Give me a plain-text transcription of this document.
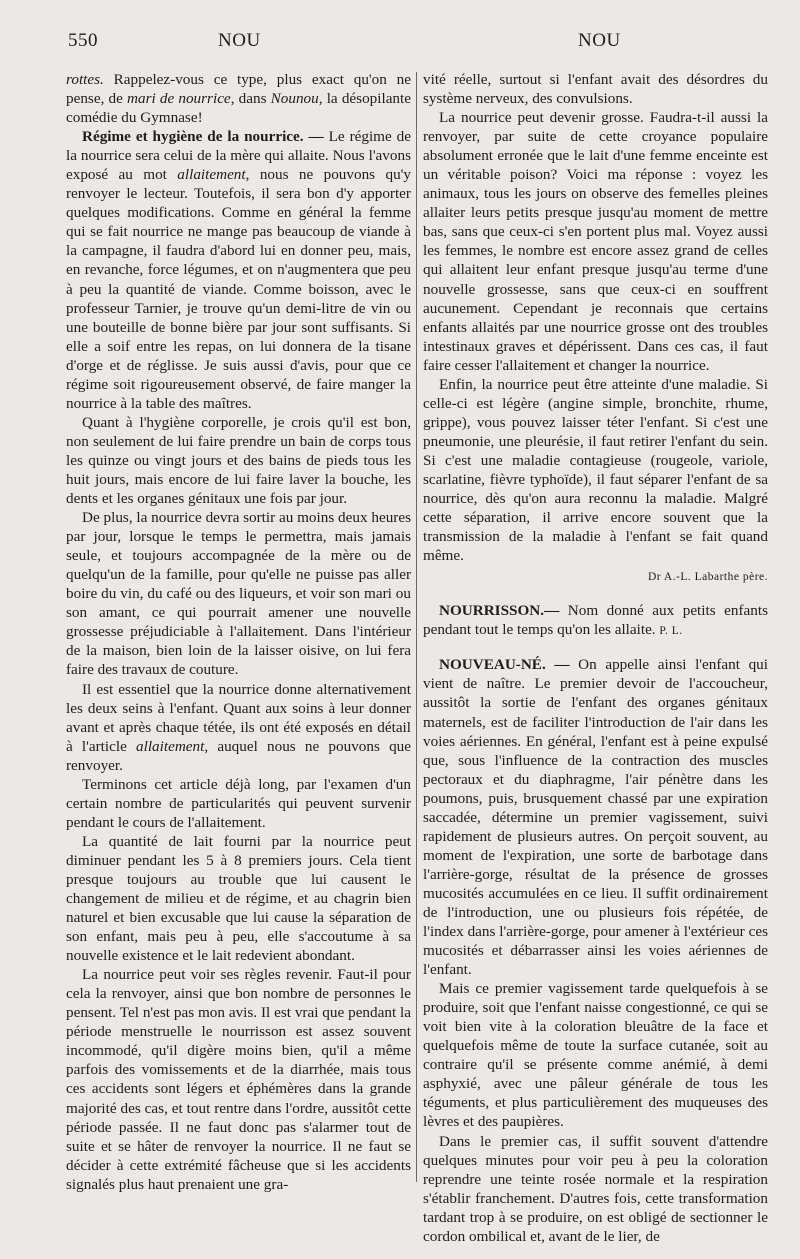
550	NOU	NOU

rottes. Rappelez-vous ce type, plus exact qu'on ne pense, de mari de nourrice, dans Nounou, la désopilante comédie du Gymnase!

Régime et hygiène de la nourrice. — Le régime de la nourrice sera celui de la mère qui allaite. Nous l'avons exposé au mot allaitement, nous ne pouvons qu'y renvoyer le lecteur. Toutefois, il sera bon d'y apporter quelques modifications. Comme en général la femme qui se fait nourrice ne mange pas beaucoup de viande à la campagne, il faudra d'abord lui en donner peu, mais, en revanche, force légumes, et on n'augmentera que peu à peu la quantité de viande. Comme boisson, avec le professeur Tarnier, je trouve qu'un demi-litre de vin ou une bouteille de bonne bière par jour sont suffisants. Si elle a soif entre les repas, on lui donnera de la tisane d'orge et de réglisse. Je suis aussi d'avis, pour que ce régime soit rigoureusement observé, de faire manger la nourrice à la table des maîtres.

Quant à l'hygiène corporelle, je crois qu'il est bon, non seulement de lui faire prendre un bain de corps tous les quinze ou vingt jours et des bains de pieds tous les huit jours, mais encore de lui faire laver la bouche, les dents et les organes génitaux une fois par jour.

De plus, la nourrice devra sortir au moins deux heures par jour, lorsque le temps le permettra, mais jamais seule, et toujours accompagnée de la mère ou de quelqu'un de la famille, pour qu'elle ne puisse pas aller boire du vin, du café ou des liqueurs, et voir son mari ou son amant, ce qui pourrait amener une nouvelle grossesse préjudiciable à l'allaitement. Dans l'intérieur de la maison, bien loin de la laisser oisive, on lui fera faire des travaux de couture.

Il est essentiel que la nourrice donne alternativement les deux seins à l'enfant. Quant aux soins à leur donner avant et après chaque tétée, ils ont été exposés en détail à l'article allaitement, auquel nous ne pouvons que renvoyer.

Terminons cet article déjà long, par l'examen d'un certain nombre de particularités qui peuvent survenir pendant le cours de l'allaitement.

La quantité de lait fourni par la nourrice peut diminuer pendant les 5 à 8 premiers jours. Cela tient presque toujours au trouble que lui causent le changement de milieu et de régime, et au chagrin bien naturel et bien excusable que lui cause la séparation de son enfant, mais peu à peu, elle s'accoutume à sa nouvelle existence et le lait redevient abondant.

La nourrice peut voir ses règles revenir. Faut-il pour cela la renvoyer, ainsi que bon nombre de personnes le pensent. Tel n'est pas mon avis. Il est vrai que pendant la période menstruelle le nourrisson est assez souvent incommodé, qu'il digère moins bien, qu'il a même parfois des vomissements et de la diarrhée, mais tous ces accidents sont légers et éphémères dans la grande majorité des cas, et tout rentre dans l'ordre, aussitôt cette période passée. Il ne faut donc pas s'alarmer tout de suite et se hâter de renvoyer la nourrice. Il ne faut se décider à cette extrémité fâcheuse que si les accidents signalés plus haut prenaient une gra-

vité réelle, surtout si l'enfant avait des désordres du système nerveux, des convulsions.

La nourrice peut devenir grosse. Faudra-t-il aussi la renvoyer, par suite de cette croyance populaire absolument erronée que le lait d'une femme enceinte est un véritable poison? Voici ma réponse : voyez les animaux, tous les jours on observe des femelles pleines allaiter leurs petits presque jusqu'au moment de mettre bas, sans que ceux-ci s'en portent plus mal. Voyez aussi les femmes, le nombre est encore assez grand de celles qui allaitent leur enfant presque jusqu'au terme d'une nouvelle grossesse, sans que ceux-ci en souffrent aucunement. Cependant je reconnais que certains enfants allaités par une nourrice grosse ont des troubles intestinaux graves et dépérissent. Dans ces cas, il faut faire cesser l'allaitement et changer la nourrice.

Enfin, la nourrice peut être atteinte d'une maladie. Si celle-ci est légère (angine simple, bronchite, rhume, grippe), vous pouvez laisser téter l'enfant. Si c'est une pneumonie, une pleurésie, il faut retirer l'enfant du sein. Si c'est une maladie contagieuse (rougeole, variole, scarlatine, fièvre typhoïde), il faut séparer l'enfant de sa nourrice, dès qu'on aura reconnu la maladie. Malgré cette séparation, il arrive encore souvent que la transmission de la maladie à l'enfant se fait quand même.

Dr A.-L. Labarthe père.

NOURRISSON.— Nom donné aux petits enfants pendant tout le temps qu'on les allaite. P. L.

NOUVEAU-NÉ. — On appelle ainsi l'enfant qui vient de naître. Le premier devoir de l'accoucheur, aussitôt la sortie de l'enfant des organes génitaux maternels, est de faciliter l'introduction de l'air dans les voies aériennes. En général, l'enfant est à peine expulsé que, sous l'influence de la contraction des muscles pectoraux et du diaphragme, l'air pénètre dans les poumons, puis, brusquement chassé par une expiration saccadée, détermine un premier vagissement, suivi rapidement de plusieurs autres. On perçoit souvent, au moment de l'expiration, une sorte de barbotage dans l'arrière-gorge, résultat de la présence de grosses mucosités accumulées en ce lieu. Il suffit ordinairement de l'introduction, une ou plusieurs fois répétée, de l'index dans l'arrière-gorge, pour amener à l'extérieur ces mucosités et débarrasser ainsi les voies aériennes de l'enfant.

Mais ce premier vagissement tarde quelquefois à se produire, soit que l'enfant naisse congestionné, ce qui se voit bien vite à la coloration bleuâtre de la face et quelquefois même de toute la surface cutanée, soit au contraire qu'il se présente comme anémié, à demi asphyxié, avec une pâleur générale de tous les téguments, et plus particulièrement des muqueuses des lèvres et des paupières.

Dans le premier cas, il suffit souvent d'attendre quelques minutes pour voir peu à peu la coloration reprendre une teinte rosée normale et la respiration s'établir franchement. D'autres fois, cette transformation tardant trop à se produire, on est obligé de sectionner le cordon ombilical et, avant de le lier, de
